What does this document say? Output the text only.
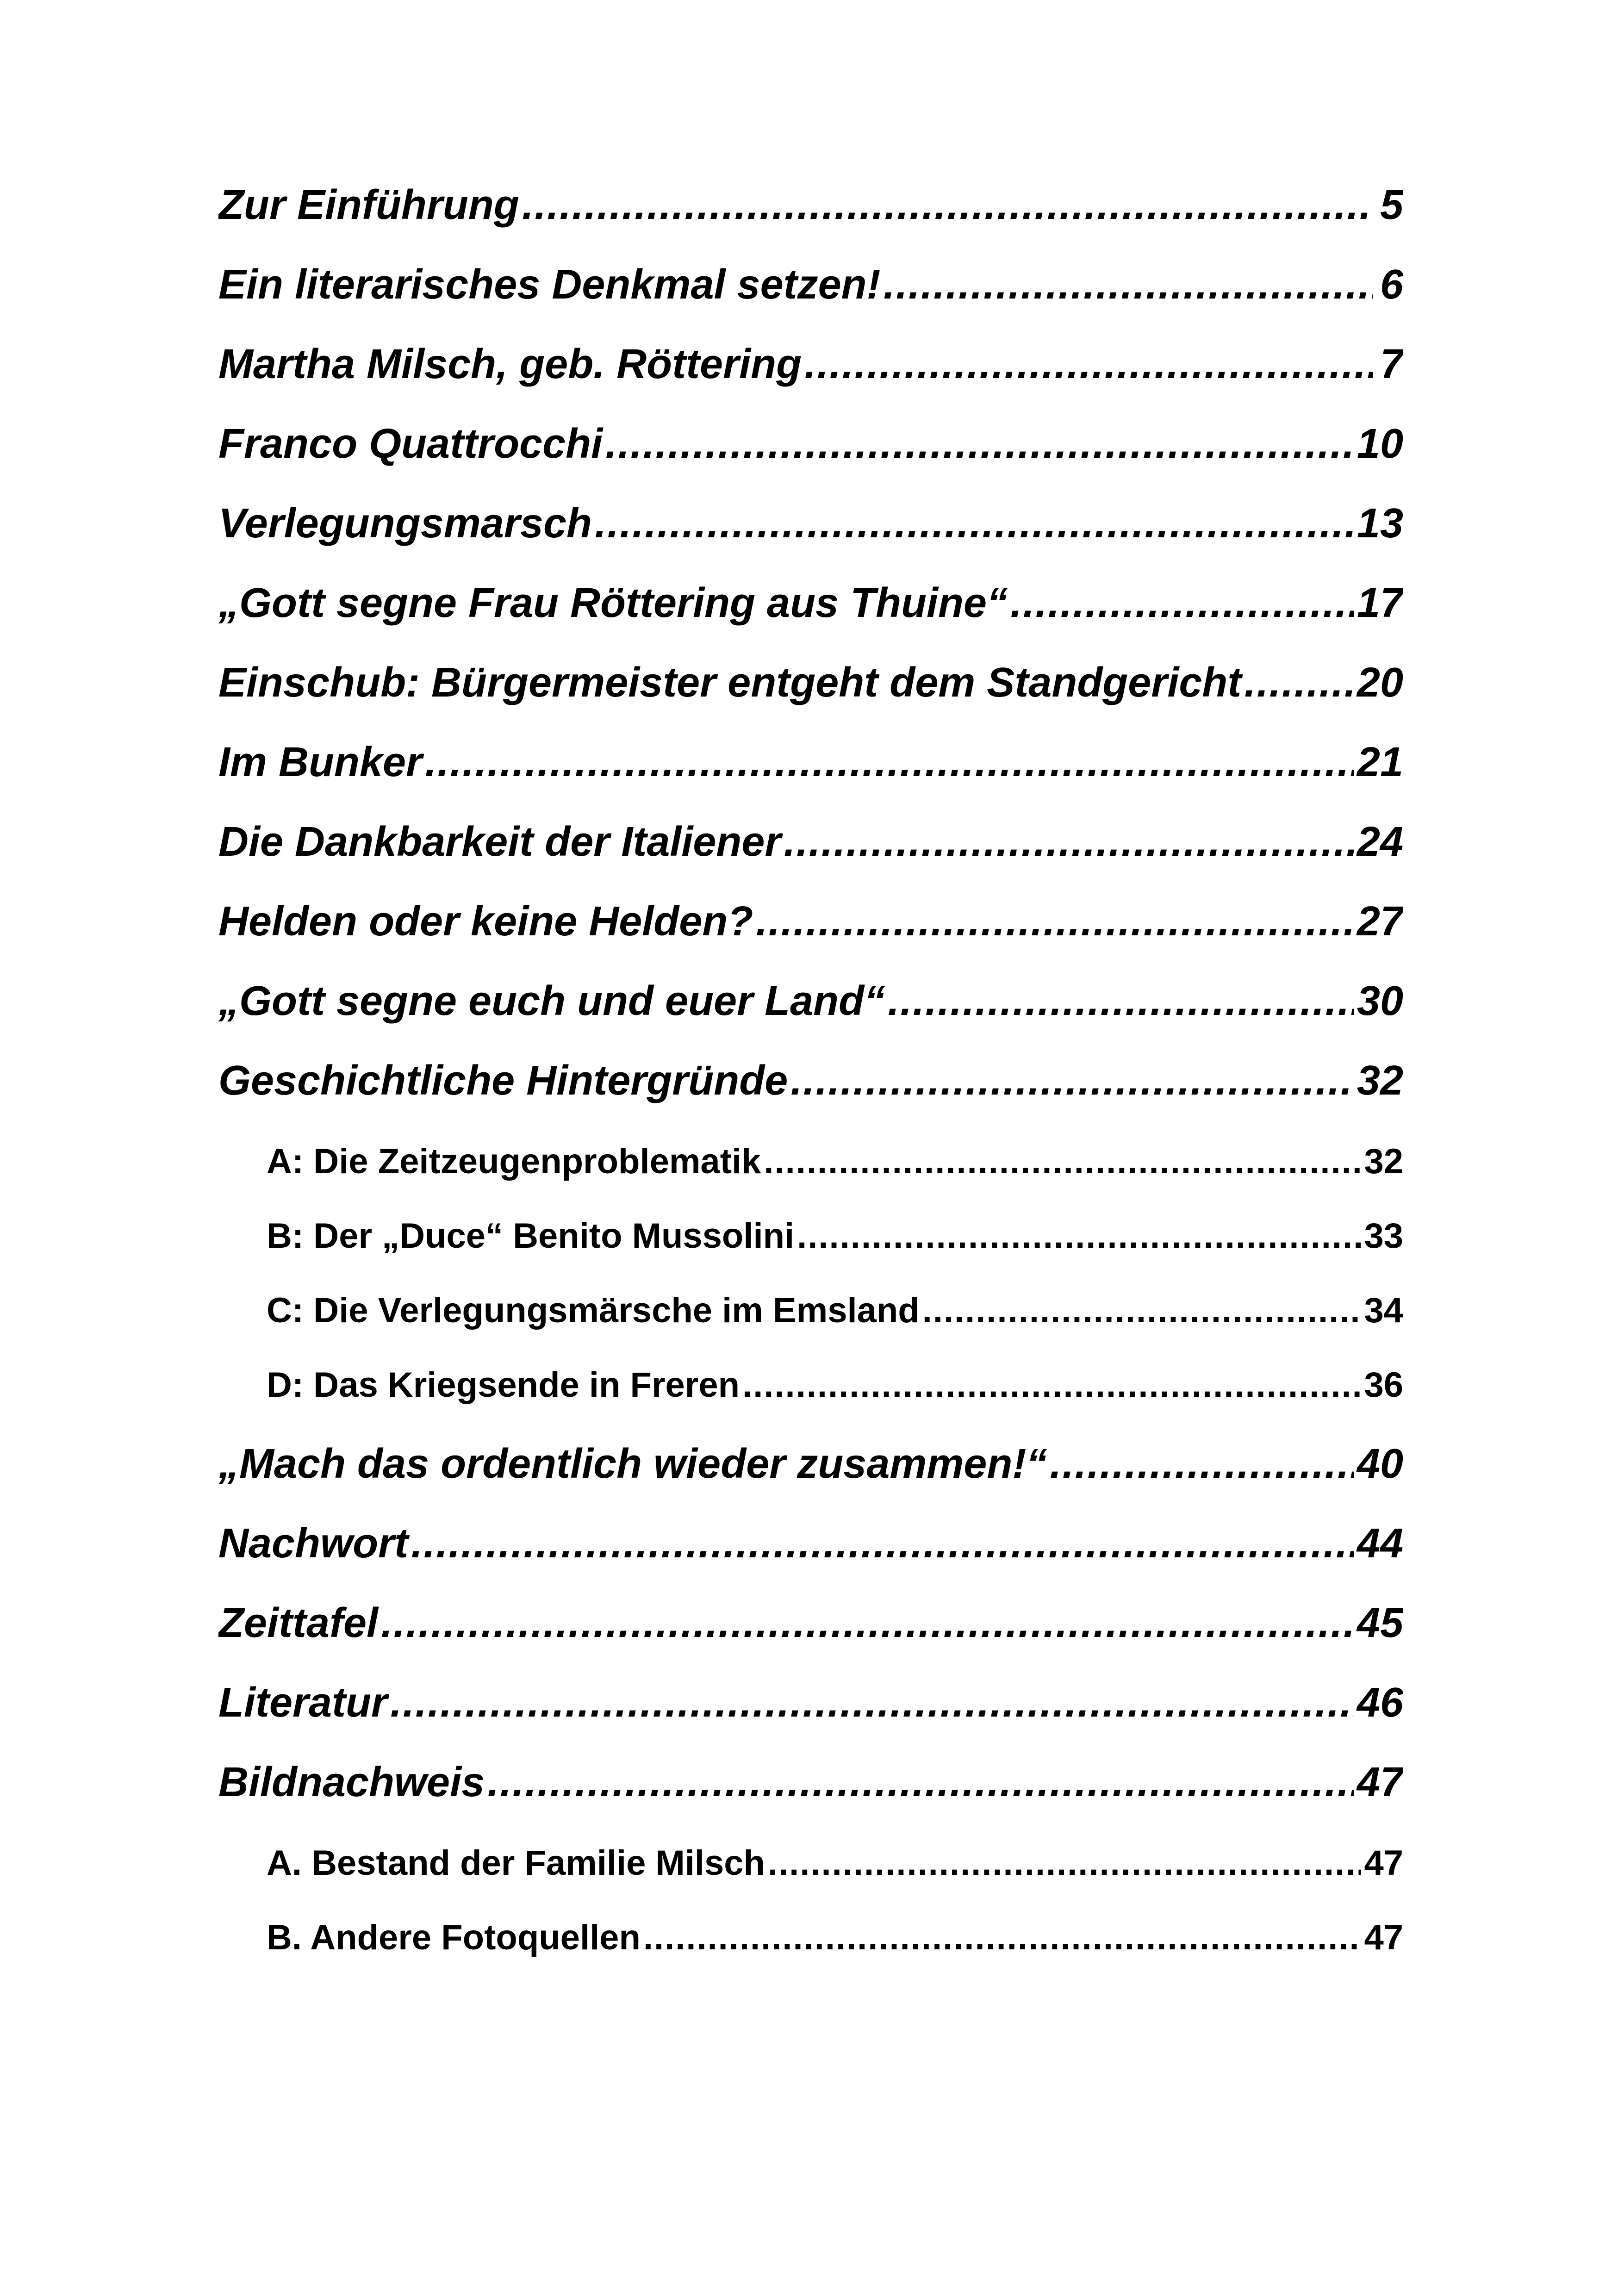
Zur Einführung .....	5
Ein literarisches Denkmal setzen! .....	6
Martha Milsch, geb. Röttering .....	7
Franco Quattrocchi .....	10
Verlegungsmarsch .....	13
„Gott segne Frau Röttering aus Thuine“ .....	17
Einschub: Bürgermeister entgeht dem Standgericht .....	20
Im Bunker .....	21
Die Dankbarkeit der Italiener .....	24
Helden oder keine Helden? .....	27
„Gott segne euch und euer Land“ .....	30
Geschichtliche Hintergründe .....	32
A: Die Zeitzeugenproblematik .....	32
B: Der „Duce“ Benito Mussolini .....	33
C: Die Verlegungsmärsche im Emsland .....	34
D: Das Kriegsende in Freren .....	36
„Mach das ordentlich wieder zusammen!“ .....	40
Nachwort .....	44
Zeittafel .....	45
Literatur .....	46
Bildnachweis .....	47
A. Bestand der Familie Milsch .....	47
B. Andere Fotoquellen .....	47
